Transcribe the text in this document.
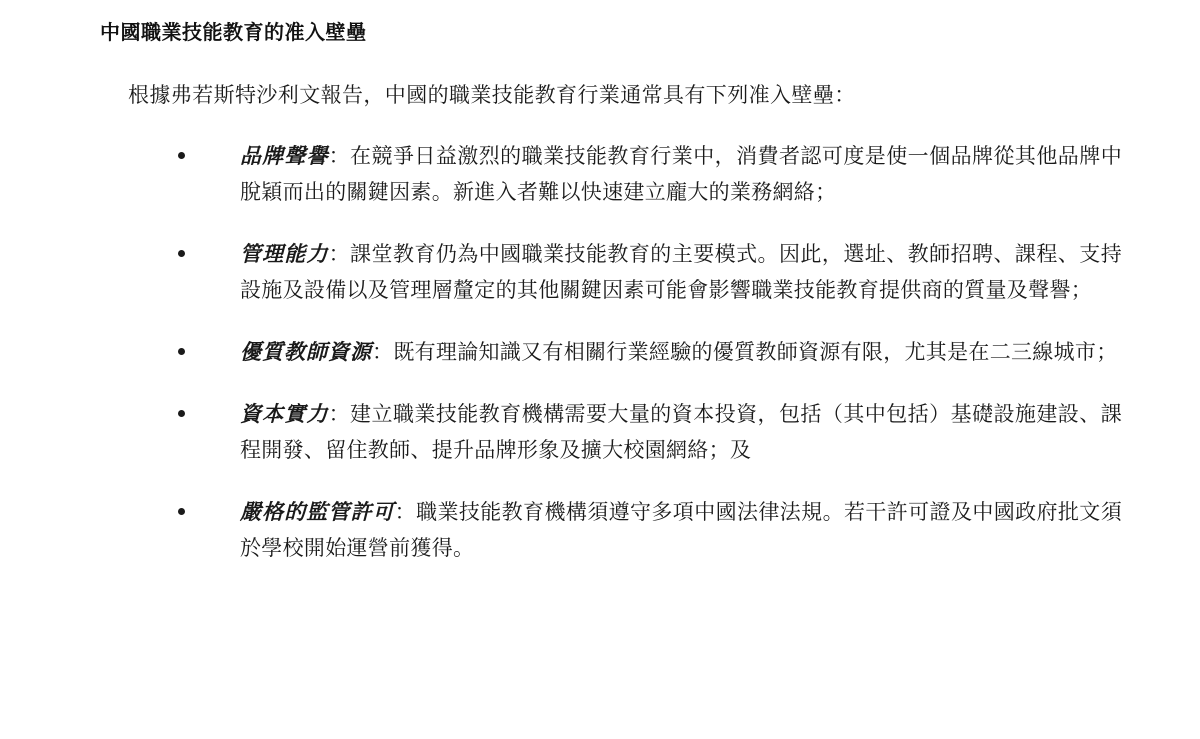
中國職業技能教育的准入壁壘

根據弗若斯特沙利文報告，中國的職業技能教育行業通常具有下列准入壁壘：

品牌聲譽：在競爭日益激烈的職業技能教育行業中，消費者認可度是使一個品牌從其他品牌中脫穎而出的關鍵因素。新進入者難以快速建立龐大的業務網絡；
管理能力：課堂教育仍為中國職業技能教育的主要模式。因此，選址、教師招聘、課程、支持設施及設備以及管理層釐定的其他關鍵因素可能會影響職業技能教育提供商的質量及聲譽；
優質教師資源：既有理論知識又有相關行業經驗的優質教師資源有限，尤其是在二三線城市；
資本實力：建立職業技能教育機構需要大量的資本投資，包括（其中包括）基礎設施建設、課程開發、留住教師、提升品牌形象及擴大校園網絡；及
嚴格的監管許可：職業技能教育機構須遵守多項中國法律法規。若干許可證及中國政府批文須於學校開始運營前獲得。
